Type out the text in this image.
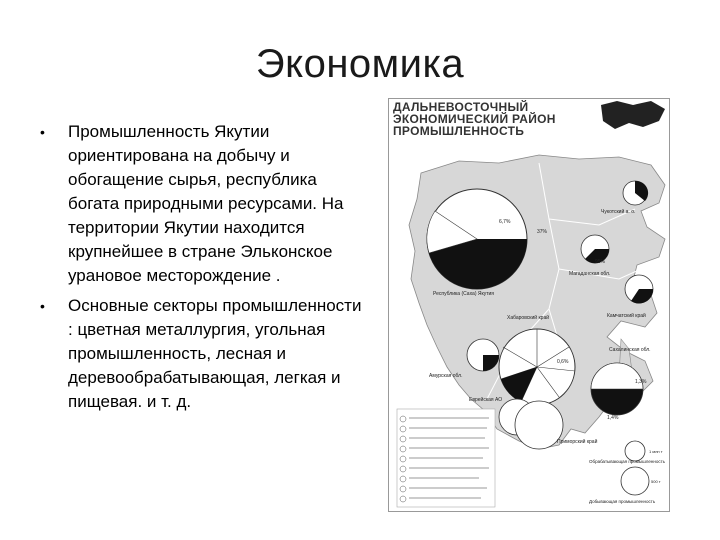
Экономика
•	Промышленность Якутии ориентирована на добычу и обогащение сырья, республика богата природными ресурсами. На территории Якутии находится крупнейшее в стране Эльконское урановое месторождение .
•	Основные секторы промышленности : цветная металлургия, угольная промышленность, лесная и деревообрабатывающая, легкая и пищевая. и т. д.
Чукотский а. о.
Республика (Саха) Якутия
Магаданская обл.
Хабаровский край	Камчатский край
Сахалинская обл.
Амурская обл.
Еврейская АО
Приморский край
37%
6,7%
95%
1,3%
1,4%
0,6%
Обрабатывающая промышленность
Добывающая промышленность
1 млн т
500 т
ДАЛЬНЕВОСТОЧНЫЙ ЭКОНОМИЧЕСКИЙ РАЙОН ПРОМЫШЛЕННОСТЬ
